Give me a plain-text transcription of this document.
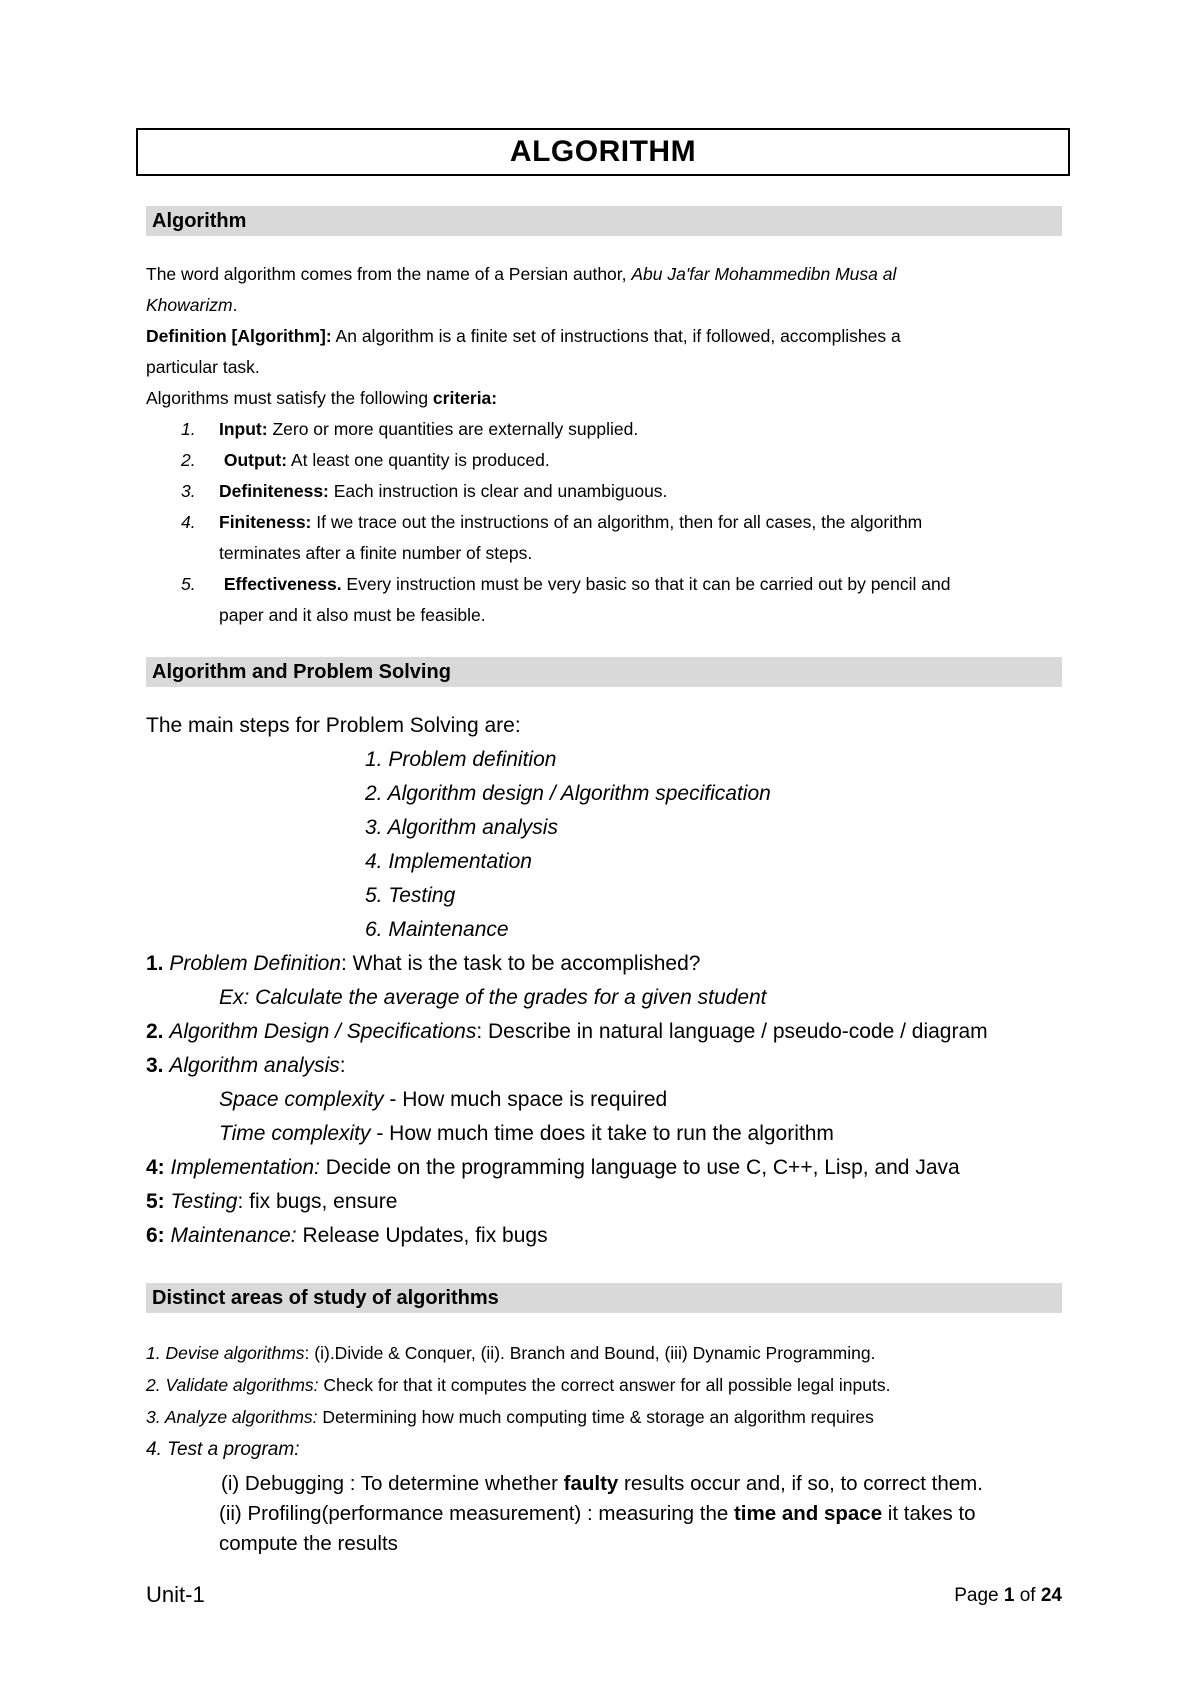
ALGORITHM
Algorithm
The word algorithm comes from the name of a Persian author, Abu Ja'far Mohammedibn Musa al
Khowarizm.
Definition [Algorithm]: An algorithm is a finite set of instructions that, if followed, accomplishes a
particular task.
Algorithms must satisfy the following criteria:
1. Input: Zero or more quantities are externally supplied.
2. Output: At least one quantity is produced.
3. Definiteness: Each instruction is clear and unambiguous.
4. Finiteness: If we trace out the instructions of an algorithm, then for all cases, the algorithm
terminates after a finite number of steps.
5. Effectiveness. Every instruction must be very basic so that it can be carried out by pencil and
paper and it also must be feasible.
Algorithm and Problem Solving
The main steps for Problem Solving are:
1. Problem definition
2. Algorithm design / Algorithm specification
3. Algorithm analysis
4. Implementation
5. Testing
6. Maintenance
1. Problem Definition: What is the task to be accomplished?
Ex: Calculate the average of the grades for a given student
2. Algorithm Design / Specifications: Describe in natural language / pseudo-code / diagram
3. Algorithm analysis:
Space complexity - How much space is required
Time complexity - How much time does it take to run the algorithm
4: Implementation: Decide on the programming language to use C, C++, Lisp, and Java
5: Testing: fix bugs, ensure
6: Maintenance: Release Updates, fix bugs
Distinct areas of study of algorithms
1. Devise algorithms: (i).Divide & Conquer, (ii). Branch and Bound, (iii) Dynamic Programming.
2. Validate algorithms: Check for that it computes the correct answer for all possible legal inputs.
3. Analyze algorithms: Determining how much computing time & storage an algorithm requires
4. Test a program:
(i) Debugging : To determine whether faulty results occur and, if so, to correct them.
(ii) Profiling(performance measurement) : measuring the time and space it takes to
compute the results
Unit-1	Page 1 of 24
